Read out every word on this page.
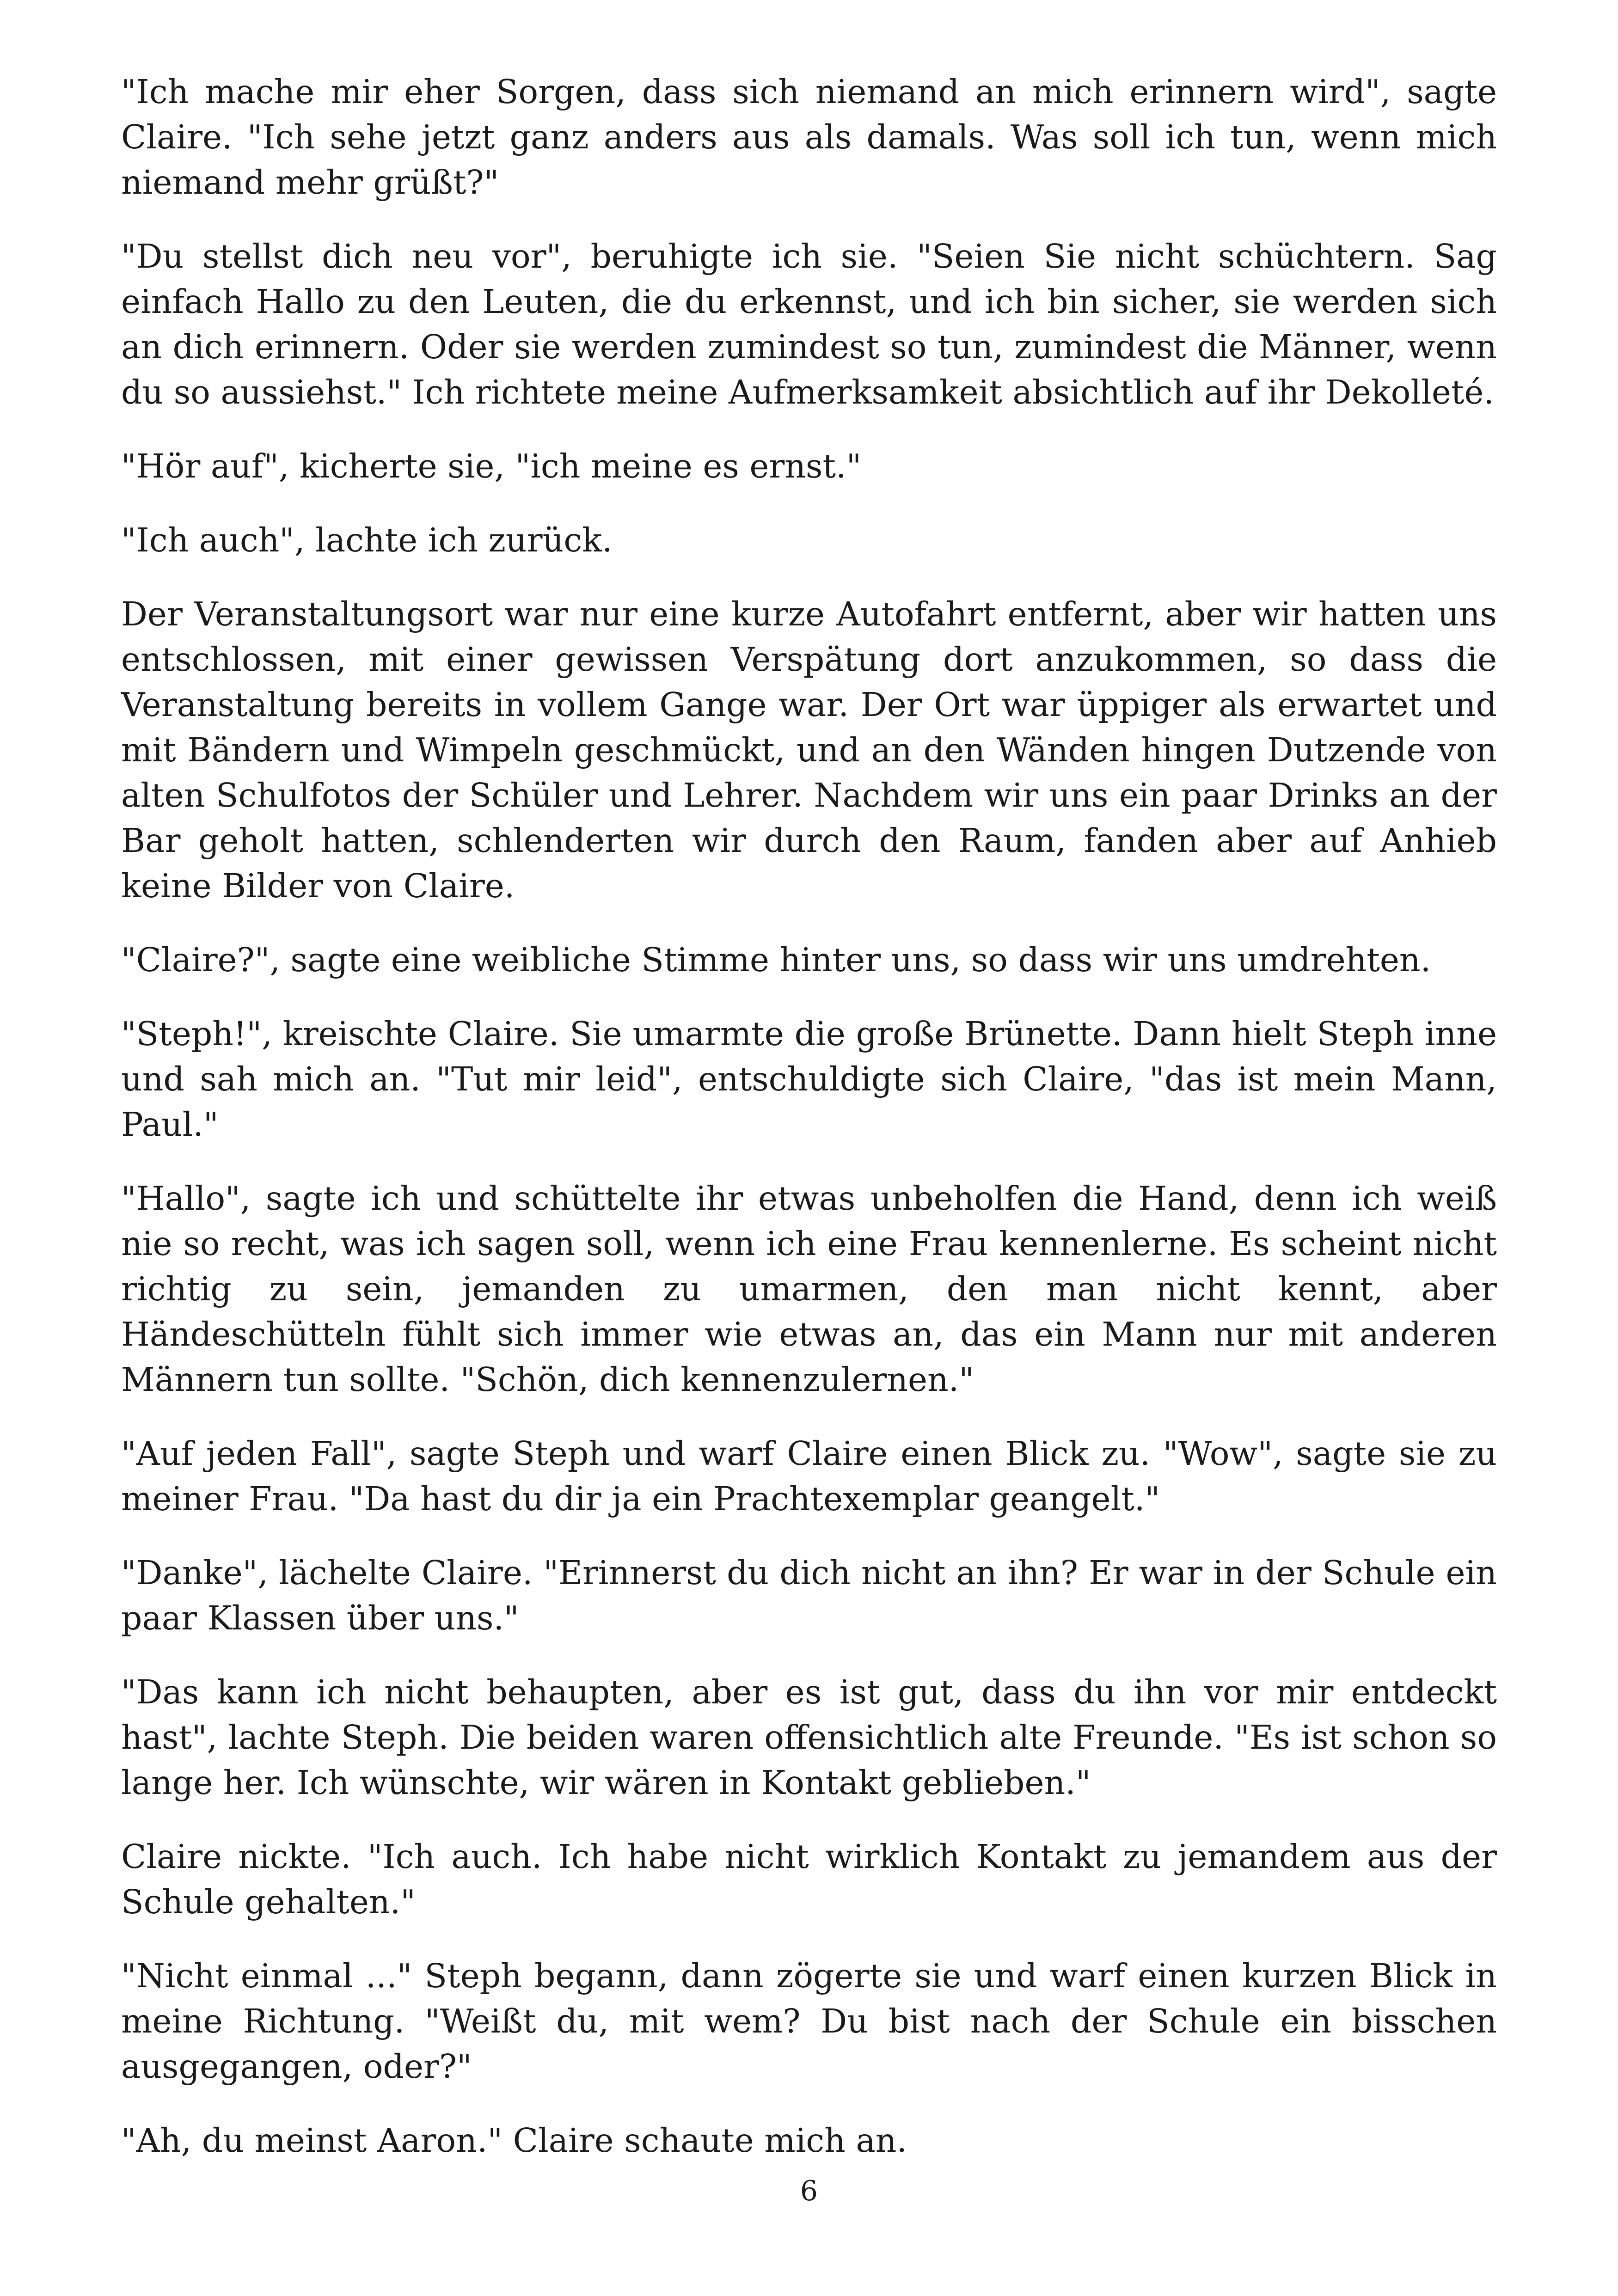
"Ich mache mir eher Sorgen, dass sich niemand an mich erinnern wird", sagte Claire. "Ich sehe jetzt ganz anders aus als damals. Was soll ich tun, wenn mich niemand mehr grüßt?"

"Du stellst dich neu vor", beruhigte ich sie. "Seien Sie nicht schüchtern. Sag einfach Hallo zu den Leuten, die du erkennst, und ich bin sicher, sie werden sich an dich erinnern. Oder sie werden zumindest so tun, zumindest die Männer, wenn du so aussiehst." Ich richtete meine Aufmerksamkeit absichtlich auf ihr Dekolleté.

"Hör auf", kicherte sie, "ich meine es ernst."

"Ich auch", lachte ich zurück.

Der Veranstaltungsort war nur eine kurze Autofahrt entfernt, aber wir hatten uns entschlossen, mit einer gewissen Verspätung dort anzukommen, so dass die Veranstaltung bereits in vollem Gange war. Der Ort war üppiger als erwartet und mit Bändern und Wimpeln geschmückt, und an den Wänden hingen Dutzende von alten Schulfotos der Schüler und Lehrer. Nachdem wir uns ein paar Drinks an der Bar geholt hatten, schlenderten wir durch den Raum, fanden aber auf Anhieb keine Bilder von Claire.

"Claire?", sagte eine weibliche Stimme hinter uns, so dass wir uns umdrehten.

"Steph!", kreischte Claire. Sie umarmte die große Brünette. Dann hielt Steph inne und sah mich an. "Tut mir leid", entschuldigte sich Claire, "das ist mein Mann, Paul."

"Hallo", sagte ich und schüttelte ihr etwas unbeholfen die Hand, denn ich weiß nie so recht, was ich sagen soll, wenn ich eine Frau kennenlerne. Es scheint nicht richtig zu sein, jemanden zu umarmen, den man nicht kennt, aber Händeschütteln fühlt sich immer wie etwas an, das ein Mann nur mit anderen Männern tun sollte. "Schön, dich kennenzulernen."

"Auf jeden Fall", sagte Steph und warf Claire einen Blick zu. "Wow", sagte sie zu meiner Frau. "Da hast du dir ja ein Prachtexemplar geangelt."

"Danke", lächelte Claire. "Erinnerst du dich nicht an ihn? Er war in der Schule ein paar Klassen über uns."

"Das kann ich nicht behaupten, aber es ist gut, dass du ihn vor mir entdeckt hast", lachte Steph. Die beiden waren offensichtlich alte Freunde. "Es ist schon so lange her. Ich wünschte, wir wären in Kontakt geblieben."

Claire nickte. "Ich auch. Ich habe nicht wirklich Kontakt zu jemandem aus der Schule gehalten."

"Nicht einmal ..." Steph begann, dann zögerte sie und warf einen kurzen Blick in meine Richtung. "Weißt du, mit wem? Du bist nach der Schule ein bisschen ausgegangen, oder?"

"Ah, du meinst Aaron." Claire schaute mich an.

6
